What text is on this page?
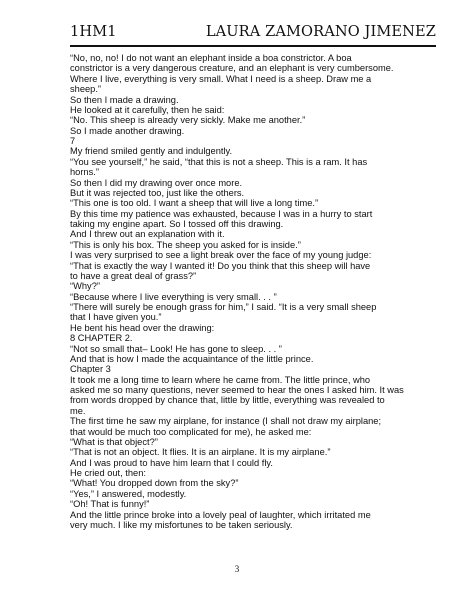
1HM1	LAURA ZAMORANO JIMENEZ
“No, no, no! I do not want an elephant inside a boa constrictor. A boa
constrictor is a very dangerous creature, and an elephant is very cumbersome.
Where I live, everything is very small. What I need is a sheep. Draw me a
sheep.”
So then I made a drawing.
He looked at it carefully, then he said:
“No. This sheep is already very sickly. Make me another.”
So I made another drawing.
7
My friend smiled gently and indulgently.
“You see yourself,” he said, “that this is not a sheep. This is a ram. It has
horns.”
So then I did my drawing over once more.
But it was rejected too, just like the others.
“This one is too old. I want a sheep that will live a long time.”
By this time my patience was exhausted, because I was in a hurry to start
taking my engine apart. So I tossed off this drawing.
And I threw out an explanation with it.
“This is only his box. The sheep you asked for is inside.”
I was very surprised to see a light break over the face of my young judge:
“That is exactly the way I wanted it! Do you think that this sheep will have
to have a great deal of grass?”
“Why?”
“Because where I live everything is very small. . . ”
“There will surely be enough grass for him,” I said. “It is a very small sheep
that I have given you.”
He bent his head over the drawing:
8 CHAPTER 2.
“Not so small that– Look! He has gone to sleep. . . ”
And that is how I made the acquaintance of the little prince.
Chapter 3
It took me a long time to learn where he came from. The little prince, who
asked me so many questions, never seemed to hear the ones I asked him. It was
from words dropped by chance that, little by little, everything was revealed to
me.
The first time he saw my airplane, for instance (I shall not draw my airplane;
that would be much too complicated for me), he asked me:
“What is that object?”
“That is not an object. It flies. It is an airplane. It is my airplane.”
And I was proud to have him learn that I could fly.
He cried out, then:
“What! You dropped down from the sky?”
“Yes,” I answered, modestly.
“Oh! That is funny!”
And the little prince broke into a lovely peal of laughter, which irritated me
very much. I like my misfortunes to be taken seriously.
3
